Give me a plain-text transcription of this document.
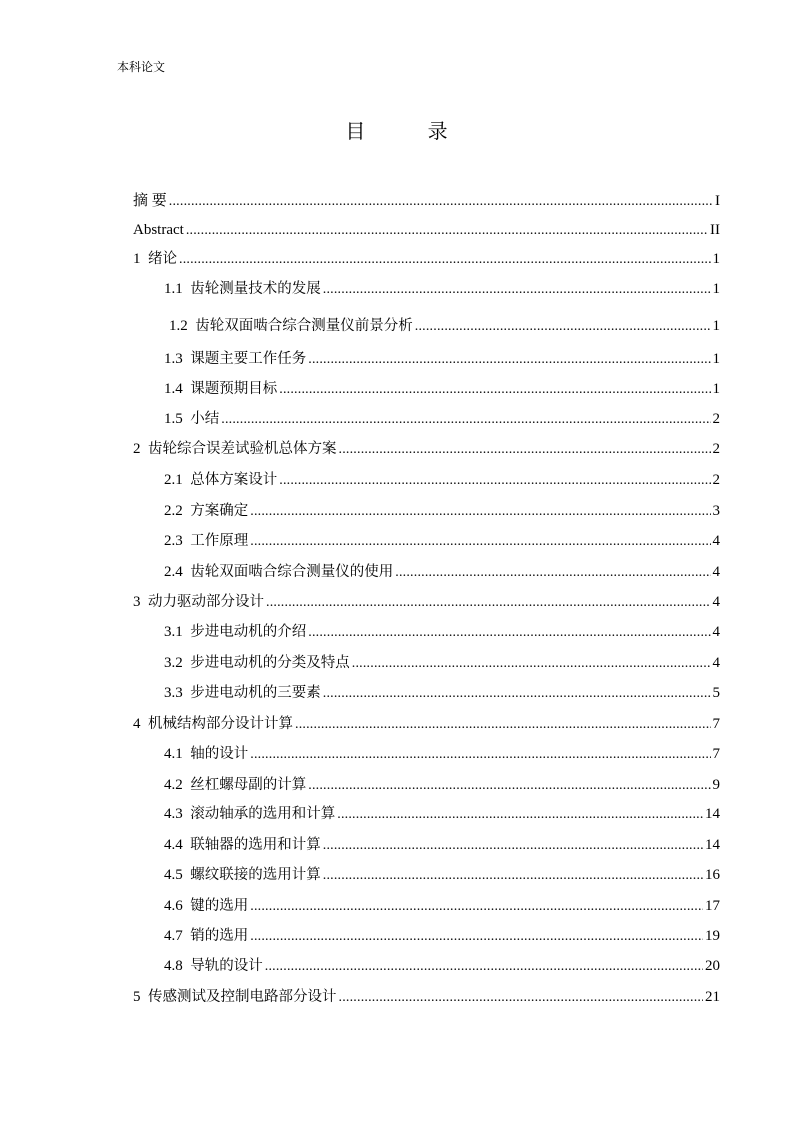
本科论文
目 录
摘 要 .....	I
Abstract .....	II
1  绪论 .....	1
1.1  齿轮测量技术的发展 .....	1
1.2  齿轮双面啮合综合测量仪前景分析 .....	1
1.3  课题主要工作任务 .....	1
1.4  课题预期目标 .....	1
1.5  小结 .....	2
2  齿轮综合误差试验机总体方案 .....	2
2.1  总体方案设计 .....	2
2.2  方案确定 .....	3
2.3  工作原理 .....	4
2.4  齿轮双面啮合综合测量仪的使用 .....	4
3  动力驱动部分设计 .....	4
3.1  步进电动机的介绍 .....	4
3.2  步进电动机的分类及特点 .....	4
3.3  步进电动机的三要素 .....	5
4  机械结构部分设计计算 .....	7
4.1  轴的设计 .....	7
4.2  丝杠螺母副的计算 .....	9
4.3  滚动轴承的选用和计算 .....	14
4.4  联轴器的选用和计算 .....	14
4.5  螺纹联接的选用计算 .....	16
4.6  键的选用 .....	17
4.7  销的选用 .....	19
4.8  导轨的设计 .....	20
5  传感测试及控制电路部分设计 .....	21
